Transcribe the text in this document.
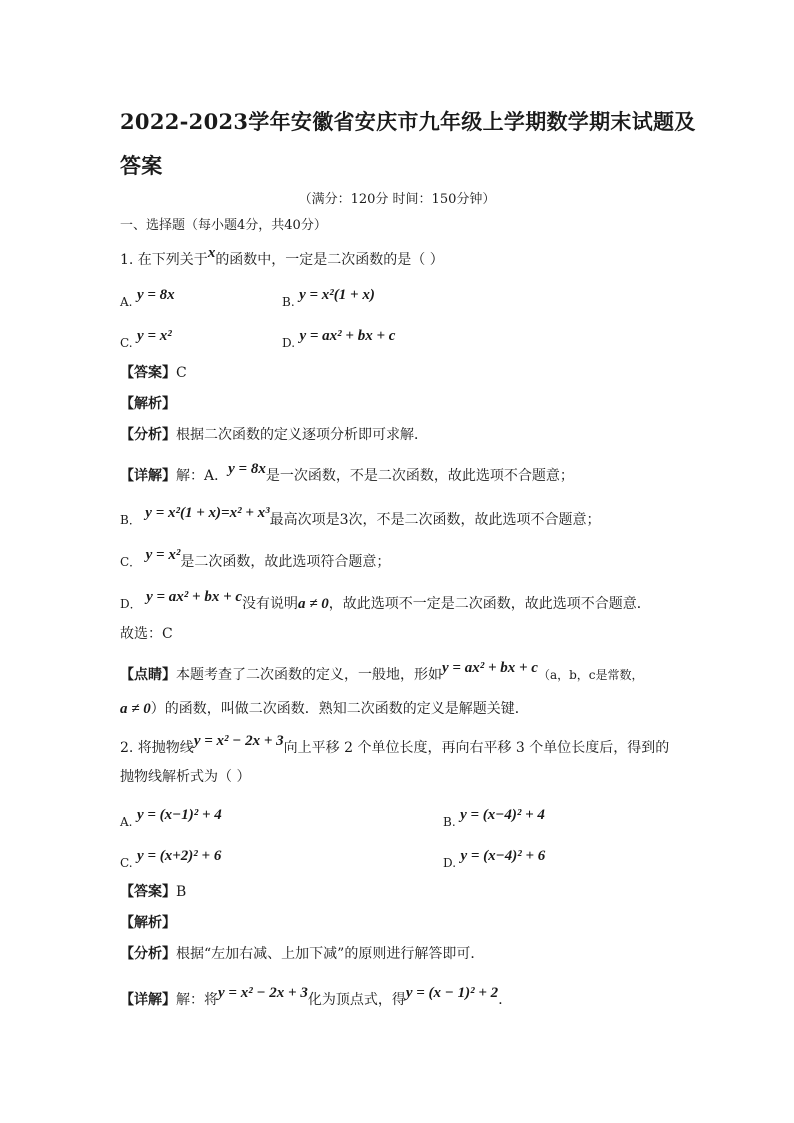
2022-2023学年安徽省安庆市九年级上学期数学期末试题及答案
（满分：120分 时间：150分钟）
一、选择题（每小题4分，共40分）
1. 在下列关于x的函数中，一定是二次函数的是（ ）
A. y = 8x	B. y = x²(1 + x)
C. y = x²	D. y = ax² + bx + c
【答案】C
【解析】
【分析】根据二次函数的定义逐项分析即可求解．
【详解】解：A．y = 8x是一次函数，不是二次函数，故此选项不合题意；
B． y = x²(1 + x)=x² + x³最高次项是3次，不是二次函数，故此选项不合题意；
C． y = x²是二次函数，故此选项符合题意；
D． y = ax² + bx + c没有说明a ≠ 0，故此选项不一定是二次函数，故此选项不合题意．
故选：C
【点睛】本题考查了二次函数的定义，一般地，形如y = ax² + bx + c（a，b，c是常数，
a ≠ 0）的函数，叫做二次函数．熟知二次函数的定义是解题关键．
2. 将抛物线y = x² − 2x + 3向上平移 2 个单位长度，再向右平移 3 个单位长度后，得到的
抛物线解析式为（ ）
A. y = (x−1)² + 4	B. y = (x−4)² + 4
C. y = (x+2)² + 6	D. y = (x−4)² + 6
【答案】B
【解析】
【分析】根据“左加右减、上加下减”的原则进行解答即可．
【详解】解：将y = x² − 2x + 3化为顶点式，得y = (x − 1)² + 2．
